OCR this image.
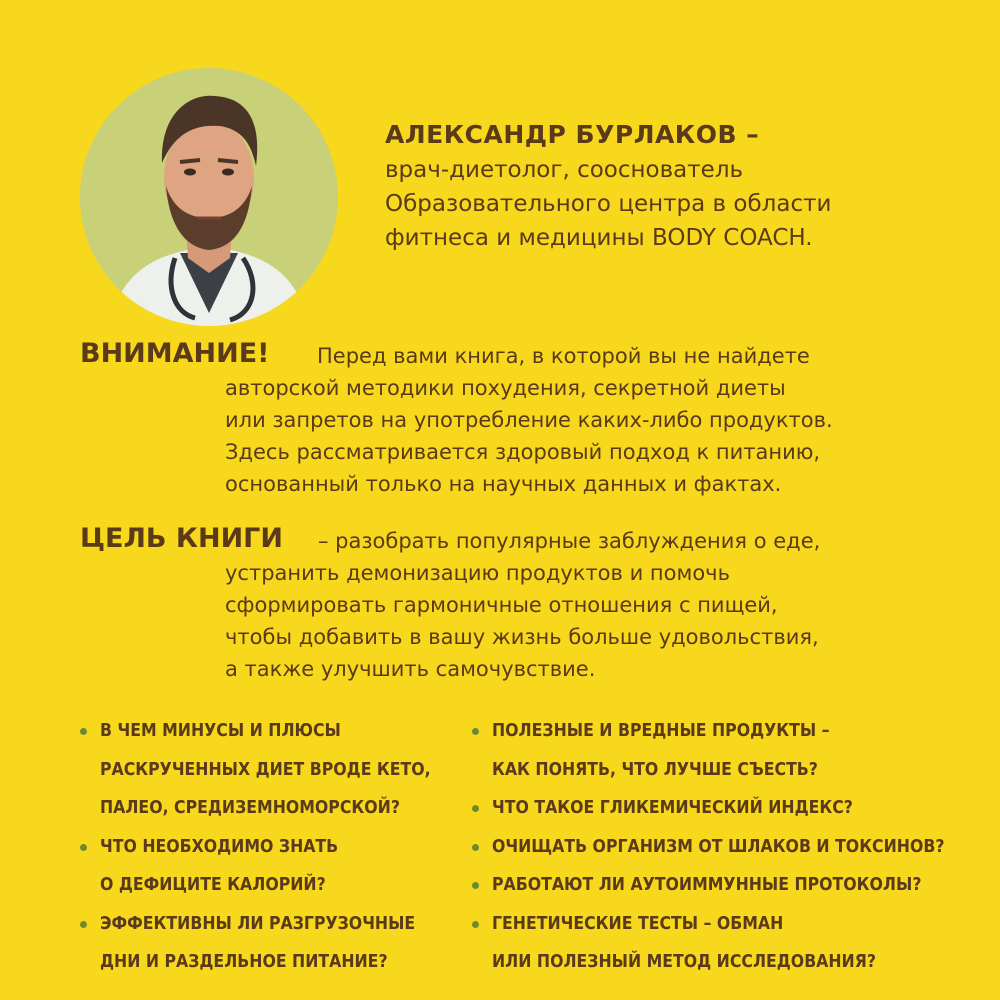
АЛЕКСАНДР БУРЛАКОВ –
врач-диетолог, сооснователь
Образовательного центра в области
фитнеса и медицины BODY COACH.
ВНИМАНИЕ!	Перед вами книга, в которой вы не найдете
авторской методики похудения, секретной диеты
или запретов на употребление каких-либо продуктов.
Здесь рассматривается здоровый подход к питанию,
основанный только на научных данных и фактах.
ЦЕЛЬ КНИГИ	– разобрать популярные заблуждения о еде,
устранить демонизацию продуктов и помочь
сформировать гармоничные отношения с пищей,
чтобы добавить в вашу жизнь больше удовольствия,
а также улучшить самочувствие.
В ЧЕМ МИНУСЫ И ПЛЮСЫ
РАСКРУЧЕННЫХ ДИЕТ ВРОДЕ КЕТО,
ПАЛЕО, СРЕДИЗЕМНОМОРСКОЙ?
ЧТО НЕОБХОДИМО ЗНАТЬ
О ДЕФИЦИТЕ КАЛОРИЙ?
ЭФФЕКТИВНЫ ЛИ РАЗГРУЗОЧНЫЕ
ДНИ И РАЗДЕЛЬНОЕ ПИТАНИЕ?
ПОЛЕЗНЫЕ И ВРЕДНЫЕ ПРОДУКТЫ –
КАК ПОНЯТЬ, ЧТО ЛУЧШЕ СЪЕСТЬ?
ЧТО ТАКОЕ ГЛИКЕМИЧЕСКИЙ ИНДЕКС?
ОЧИЩАТЬ ОРГАНИЗМ ОТ ШЛАКОВ И ТОКСИНОВ?
РАБОТАЮТ ЛИ АУТОИММУННЫЕ ПРОТОКОЛЫ?
ГЕНЕТИЧЕСКИЕ ТЕСТЫ – ОБМАН
ИЛИ ПОЛЕЗНЫЙ МЕТОД ИССЛЕДОВАНИЯ?
